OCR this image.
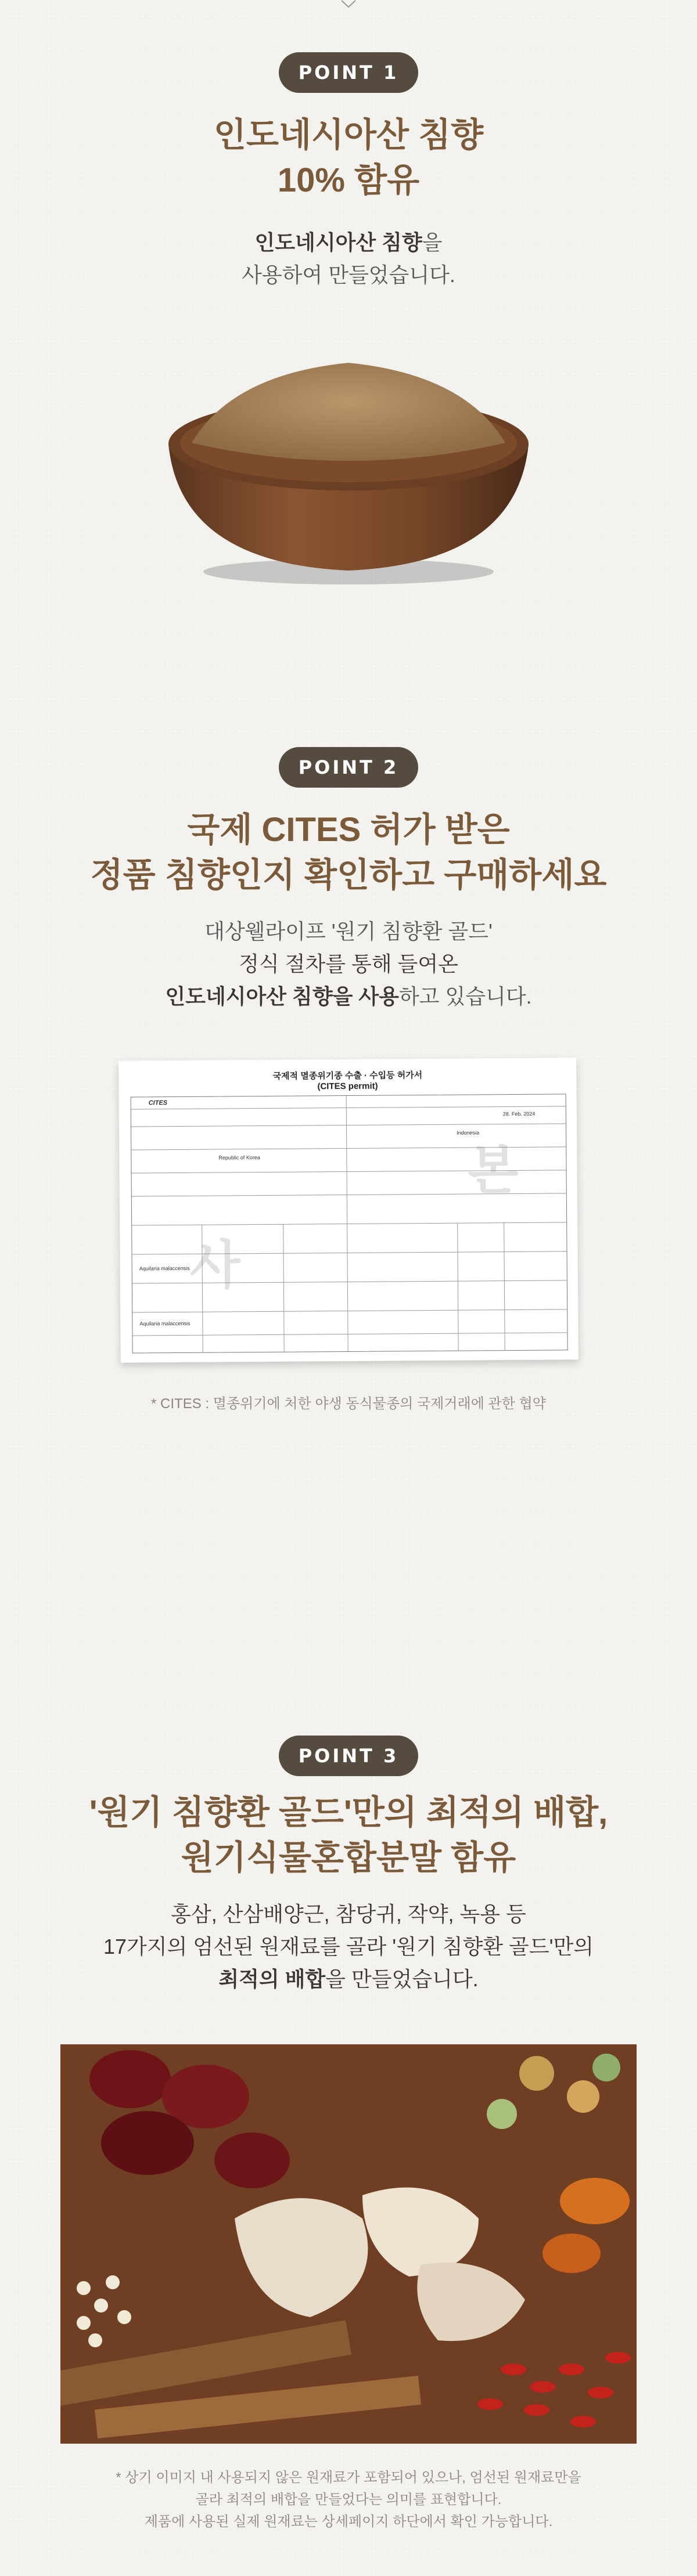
POINT 1
인도네시아산 침향
10% 함유
인도네시아산 침향을
사용하여 만들었습니다.
POINT 2
국제 CITES 허가 받은
정품 침향인지 확인하고 구매하세요
대상웰라이프 '원기 침향환 골드'
정식 절차를 통해 들여온
인도네시아산 침향을 사용하고 있습니다.
국제적 멸종위기종 수출 · 수입등 허가서
(CITES permit)
CITES
Republic of Korea
Indonesia
28. Feb. 2024
Aquilaria malaccensis
Aquilaria malaccensis
사
본
* CITES : 멸종위기에 처한 야생 동식물종의 국제거래에 관한 협약
POINT 3
'원기 침향환 골드'만의 최적의 배합,
원기식물혼합분말 함유
홍삼, 산삼배양근, 참당귀, 작약, 녹용 등
17가지의 엄선된 원재료를 골라 '원기 침향환 골드'만의
최적의 배합을 만들었습니다.
* 상기 이미지 내 사용되지 않은 원재료가 포함되어 있으나, 엄선된 원재료만을
골라 최적의 배합을 만들었다는 의미를 표현합니다.
제품에 사용된 실제 원재료는 상세페이지 하단에서 확인 가능합니다.
